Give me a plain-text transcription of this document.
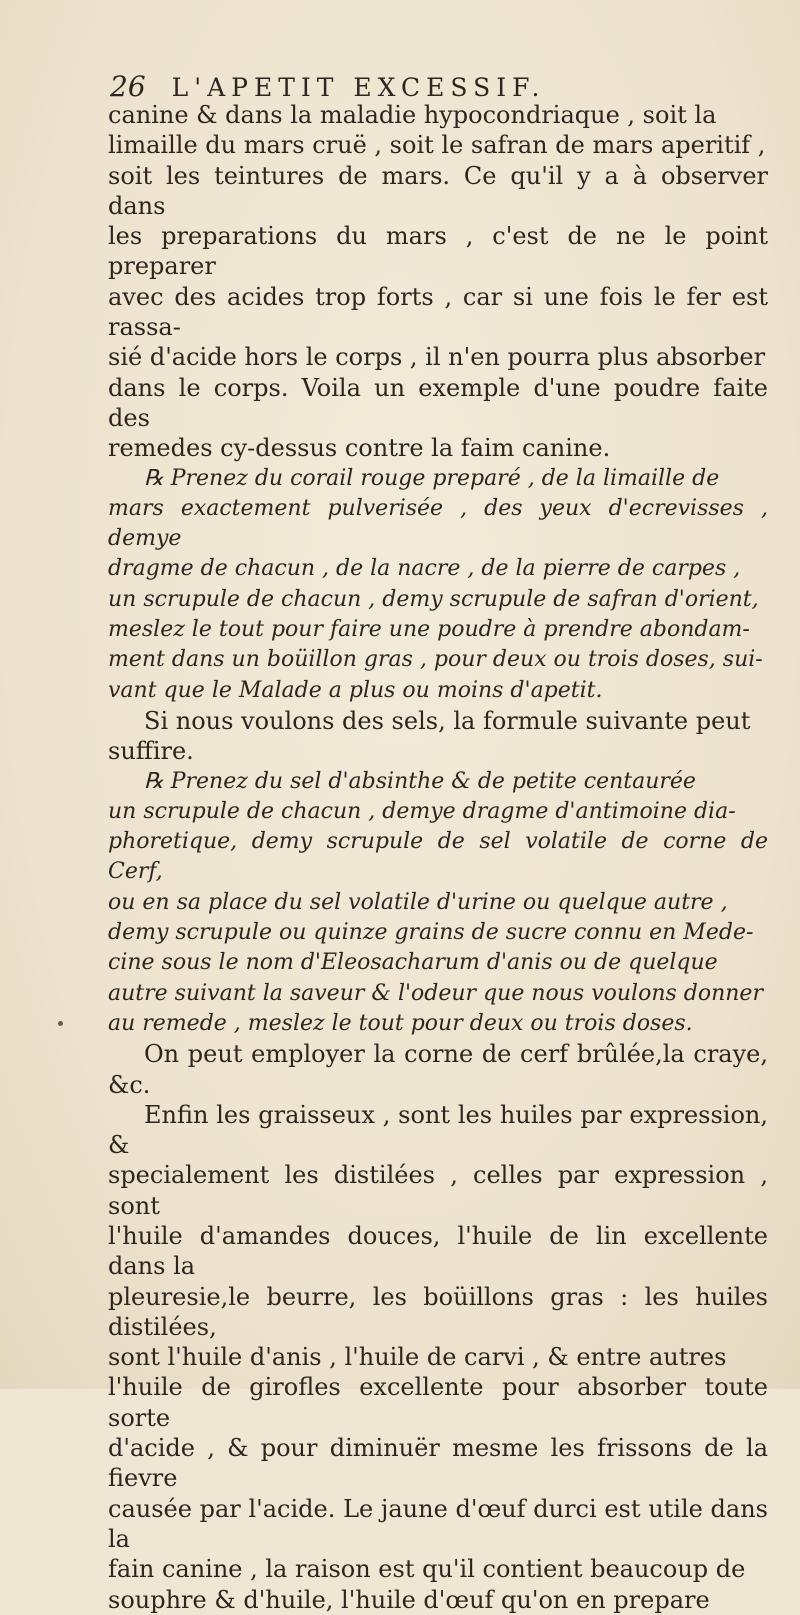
26 L'APETIT EXCESSIF.

canine & dans la maladie hypocondriaque , soit la

limaille du mars cruë , soit le safran de mars aperitif ,

soit les teintures de mars. Ce qu'il y a à observer dans

les preparations du mars , c'est de ne le point preparer

avec des acides trop forts , car si une fois le fer est rassa-

sié d'acide hors le corps , il n'en pourra plus absorber

dans le corps. Voila un exemple d'une poudre faite des

remedes cy-dessus contre la faim canine.

℞ Prenez du corail rouge preparé , de la limaille de

mars exactement pulverisée , des yeux d'ecrevisses , demye

dragme de chacun , de la nacre , de la pierre de carpes ,

un scrupule de chacun , demy scrupule de safran d'orient,

meslez le tout pour faire une poudre à prendre abondam-

ment dans un boüillon gras , pour deux ou trois doses, sui-

vant que le Malade a plus ou moins d'apetit.

Si nous voulons des sels, la formule suivante peut

suffire.

℞ Prenez du sel d'absinthe & de petite centaurée

un scrupule de chacun , demye dragme d'antimoine dia-

phoretique, demy scrupule de sel volatile de corne de Cerf,

ou en sa place du sel volatile d'urine ou quelque autre ,

demy scrupule ou quinze grains de sucre connu en Mede-

cine sous le nom d'Eleosacharum d'anis ou de quelque

autre suivant la saveur & l'odeur que nous voulons donner

au remede , meslez le tout pour deux ou trois doses.

On peut employer la corne de cerf brûlée,la craye, &c.

Enfin les graisseux , sont les huiles par expression, &

specialement les distilées , celles par expression , sont

l'huile d'amandes douces, l'huile de lin excellente dans la

pleuresie,le beurre, les boüillons gras : les huiles distilées,

sont l'huile d'anis , l'huile de carvi , & entre autres

l'huile de girofles excellente pour absorber toute sorte

d'acide , & pour diminuër mesme les frissons de la fievre

causée par l'acide. Le jaune d'œuf durci est utile dans la

fain canine , la raison est qu'il contient beaucoup de

souphre & d'huile, l'huile d'œuf qu'on en prepare
